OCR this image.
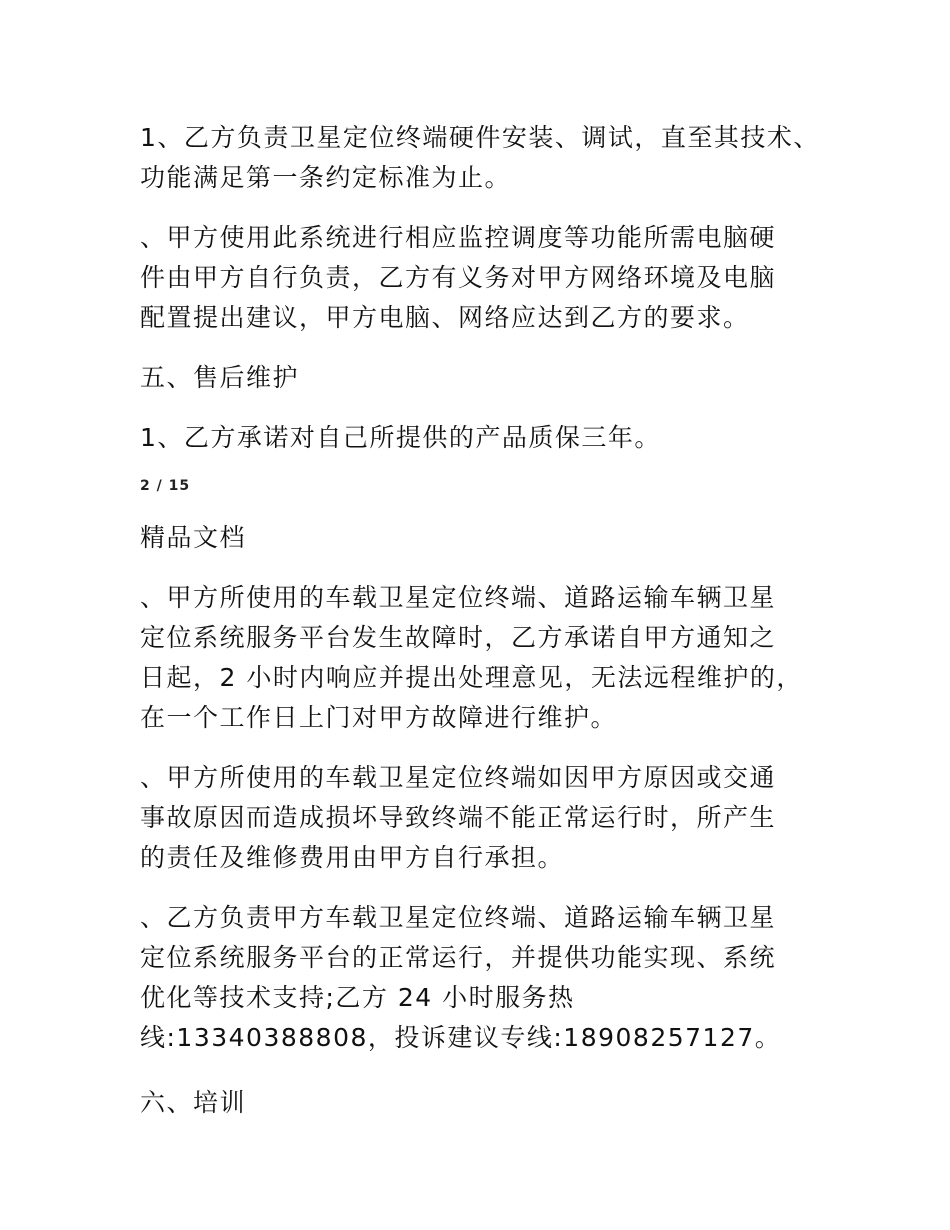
1、乙方负责卫星定位终端硬件安装、调试，直至其技术、
功能满足第一条约定标准为止。
、甲方使用此系统进行相应监控调度等功能所需电脑硬
件由甲方自行负责，乙方有义务对甲方网络环境及电脑
配置提出建议，甲方电脑、网络应达到乙方的要求。
五、售后维护
1、乙方承诺对自己所提供的产品质保三年。
2 / 15
精品文档
、甲方所使用的车载卫星定位终端、道路运输车辆卫星
定位系统服务平台发生故障时，乙方承诺自甲方通知之
日起，2 小时内响应并提出处理意见，无法远程维护的，
在一个工作日上门对甲方故障进行维护。
、甲方所使用的车载卫星定位终端如因甲方原因或交通
事故原因而造成损坏导致终端不能正常运行时，所产生
的责任及维修费用由甲方自行承担。
、乙方负责甲方车载卫星定位终端、道路运输车辆卫星
定位系统服务平台的正常运行，并提供功能实现、系统
优化等技术支持;乙方 24 小时服务热
线:13340388808，投诉建议专线:18908257127。
六、培训
